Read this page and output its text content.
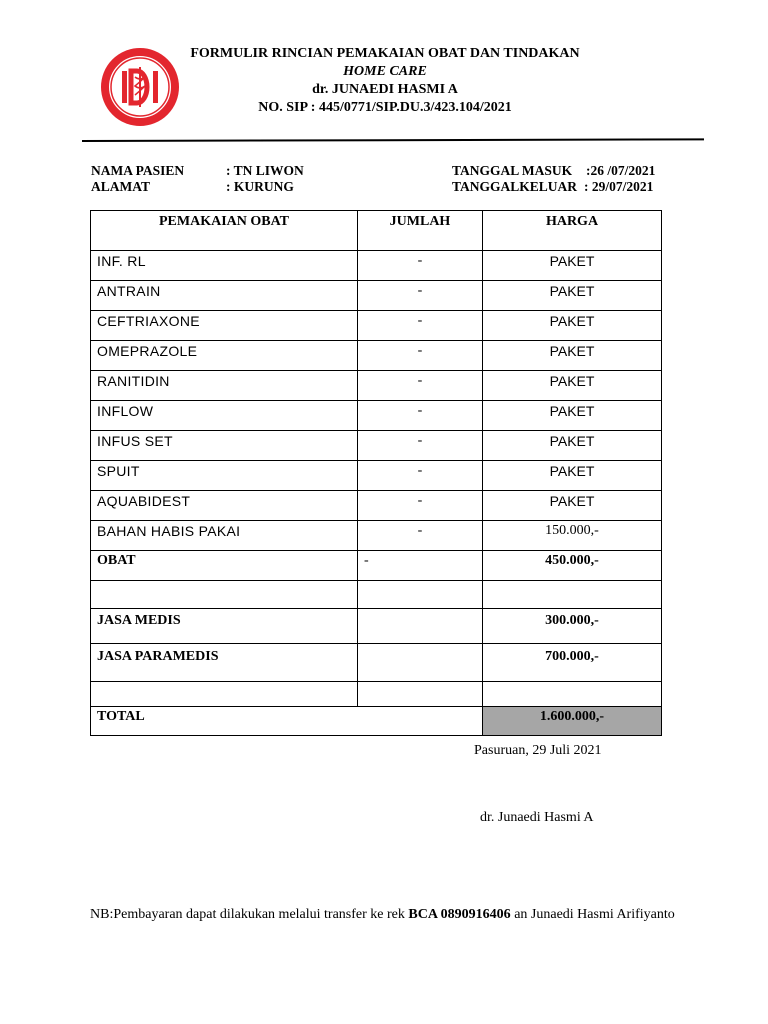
FORMULIR RINCIAN PEMAKAIAN OBAT DAN TINDAKAN
HOME CARE
dr. JUNAEDI HASMI A
NO. SIP : 445/0771/SIP.DU.3/423.104/2021
NAMA PASIEN	: TN LIWON
ALAMAT	: KURUNG
TANGGAL MASUK :26 /07/2021
TANGGALKELUAR : 29/07/2021
PEMAKAIAN OBAT	JUMLAH	HARGA
INF. RL	-	PAKET
ANTRAIN	-	PAKET
CEFTRIAXONE	-	PAKET
OMEPRAZOLE	-	PAKET
RANITIDIN	-	PAKET
INFLOW	-	PAKET
INFUS SET	-	PAKET
SPUIT	-	PAKET
AQUABIDEST	-	PAKET
BAHAN HABIS PAKAI	-	150.000,-
OBAT	-	450.000,-

JASA MEDIS		300.000,-
JASA PARAMEDIS		700.000,-

TOTAL		1.600.000,-
Pasuruan, 29 Juli 2021
dr. Junaedi Hasmi A
NB:Pembayaran dapat dilakukan melalui transfer ke rek BCA 0890916406 an Junaedi Hasmi Arifiyanto
